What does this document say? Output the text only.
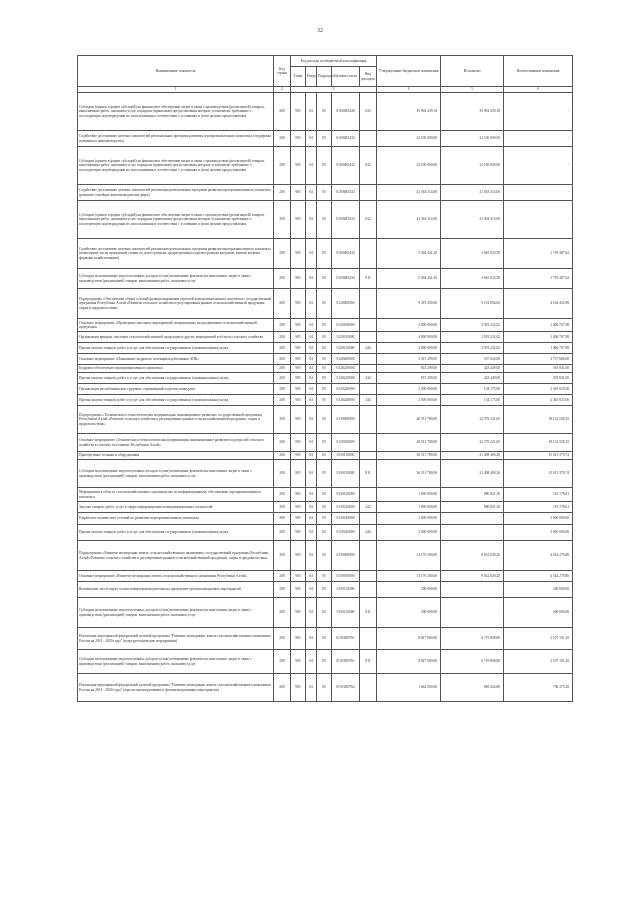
32
Наименование показателя	Код строки	Код расхода по бюджетной классификации					Утвержденные бюджетные назначения	Исполнено	Неисполненные назначения
		Глава	Раздел	Подраздел	Целевая статья	Вид расходов			
1	2	3					4	5	6
Субсидии (гранты в форме субсидий) на финансовое обеспечение затрат в связи с производством (реализацией) товаров, выполнением работ, оказанием услуг, порядком (правилами) предоставления которых установлено требование о последующем подтверждении их использования в соответствии с условиями и (или) целями предоставления	200	905	04	05	01106R5430	632	39 904 439,18	39 904 439,18	-
Содействие достижению целевых показателей региональных программ развития агропромышленного комплекса (поддержка племенного животноводства)	200	905	04	05	01106R5432		22 100 000,00	22 100 000,00	-
Субсидии (гранты в форме субсидий) на финансовое обеспечение затрат в связи с производством (реализацией) товаров, выполнением работ, оказанием услуг, порядком (правилами) предоставления которых установлено требование о последующем подтверждении их использования в соответствии с условиями и (или) целями предоставления	200	905	04	05	01106R5432	632	22 100 000,00	22 100 000,00	-
Содействие достижению целевых показателей реализации региональных программ развития агропромышленного комплекса (развитие семейных животноводческих ферм)	200	905	04	05	01106R5433		41 363 314,00	41 363 314,00	-
Субсидии (гранты в форме субсидий) на финансовое обеспечение затрат в связи с производством (реализацией) товаров, выполнением работ, оказанием услуг, порядком (правилами) предоставления которых установлено требование о последующем подтверждении их использования в соответствии с условиями и (или) целями предоставления	200	905	04	05	01106R5433	632	41 363 314,00	41 363 314,00	-
Содействие достижению целевых показателей реализации региональных программ развития агропромышленного комплекса (возмещение части процентной ставки по долгосрочным, среднесрочным и краткосрочным кредитам, взятым малыми формами хозяйствования)	200	905	04	05	01106R5434		5 404 431,20	3 665 023,58	1 739 407,62
Субсидии на возмещение недополученных доходов и (или) возмещение фактически понесенных затрат в связи с производством (реализацией) товаров, выполнением работ, оказанием услуг	200	905	04	05	01106R5434	811	5 404 431,20	3 665 023,58	1 739 407,62
Подпрограмма «Обеспечение общих условий функционирования отраслей агропромышленного комплекса» государственной программы Республики Алтай «Развитие сельского хозяйства и регулирования рынков сельскохозяйственной продукции, сырья и продовольствия»	200	905	04	05	0120000000		9 319 290,00	5 154 856,02	4 164 433,98
Основное мероприятие «Проведение массовых мероприятий, направленных на продвижение сельскохозяйственной продукции»	200	905	04	05	0120100000		4 000 000,00	2 593 232,02	1 406 767,98
Организация ярмарок, выставок сельскохозяйственной продукции и других мероприятий в области сельского хозяйства	200	905	04	05	0120110000		4 000 000,00	2 593 232,02	1 406 767,98
Прочая закупка товаров, работ и услуг для обеспечения государственных (муниципальных) нужд	200	905	04	05	0120110000	244	4 000 000,00	2 593 232,02	1 406 767,98
Основное мероприятие «Повышение кадрового потенциала работников АПК»	200	905	04	05	0120200000		3 315 290,00	557 624,00	2 757 666,00
Кадровое обеспечение агропромышленного комплекса	200	905	04	05	0120210000		815 290,00	423 449,00	391 841,00
Прочая закупка товаров, работ и услуг для обеспечения государственных (муниципальных) нужд	200	905	04	05	0120210000	244	815 290,00	423 449,00	391 841,00
Организация республиканских трудовых соревнований и прочих конкурсов	200	905	04	05	0120220000		2 500 000,00	134 175,00	2 365 825,00
Прочая закупка товаров, работ и услуг для обеспечения государственных (муниципальных) нужд	200	905	04	05	0120220000	244	2 500 000,00	134 175,00	2 365 825,00
Подпрограмма «Техническая и технологическая модернизация, инновационное развитие» государственной программы Республики Алтай «Развитие сельского хозяйства и регулирование рынков сельскохозяйственной продукции, сырья и продовольствия»	200	905	04	05	0130000000		40 511 780,00	22 379 221,65	18 132 558,35
Основное мероприятие «Техническая и технологическая модернизация, инновационное развитие подотраслей сельского хозяйства в сельских поселениях Республики Алтай»	200	905	04	05	0130100000		40 511 780,00	22 379 221,65	18 132 558,35
Приобретение техники и оборудования	200	905	04	05	0130110000		36 511 780,00	21 498 400,26	15 013 379,74
Субсидии на возмещение недополученных доходов и (или) возмещение фактически понесенных затрат в связи с производством (реализацией) товаров, выполнением работ, оказанием услуг	200	905	04	05	0130110000	811	36 511 780,00	21 498 400,26	15 013 379,74
Мероприятия в области сельскохозяйственного производства по информационному обеспечению агропромышленного комплекса	200	905	04	05	0130120000		1 000 000,00	880 821,39	119 178,61
Закупка товаров, работ, услуг в сфере информационно-коммуникационных технологий	200	905	04	05	0130120000	242	1 000 000,00	880 821,39	119 178,61
Разработка технических условий по развитию агропромышленного комплекса	200	905	04	05	0130140000		3 000 000,00	-	3 000 000,00
Прочая закупка товаров, работ и услуг для обеспечения государственных (муниципальных) нужд	200	905	04	05	0130140000	244	3 000 000,00	-	3 000 000,00
Подпрограмма «Развитие мелиорации земель сельскохозяйственного назначения» государственной программы Республики Алтай «Развитие сельского хозяйства и регулирование рынков сельскохозяйственной продукции, сырья и продовольствия»	200	905	04	05	0150000000		13 176 300,00	8 632 020,20	4 544 279,80
Основное мероприятие «Развитие мелиорации земель сельскохозяйственного назначения Республики Алтай»	200	905	04	05	0150100000		13 176 300,00	8 632 020,20	4 544 279,80
Возмещение части затрат сельхозтоваропроизводителям на проведение противопаводковых мероприятий	200	905	04	05	0150110000		200 000,00	-	200 000,00
Субсидии на возмещение недополученных доходов и (или) возмещение фактически понесенных затрат в связи с производством (реализацией) товаров, выполнением работ, оказанием услуг	200	905	04	05	0150110000	811	200 000,00	-	200 000,00
Реализация мероприятий федеральной целевой программы "Развитие мелиорации земель сельскохозяйственного назначения России на 2014 - 2020 годы" (культуртехнические мероприятия)	200	905	04	05	01501R0761		8 827 000,00	6 719 808,80	2 107 191,20
Субсидии на возмещение недополученных доходов и (или) возмещение фактически понесенных затрат в связи с производством (реализацией) товаров, выполнением работ, оказанием услуг	200	905	04	05	01501R0761	811	8 827 000,00	6 719 808,80	2 107 191,20
Реализация мероприятий федеральной целевой программы "Развитие мелиорации земель сельскохозяйственного назначения России на 2014 - 2020 годы" (агролесомелиоративные и фитомелиоративные мероприятия)	200	905	04	05	01501R0762		1 662 000,00	865 624,80	796 375,20
